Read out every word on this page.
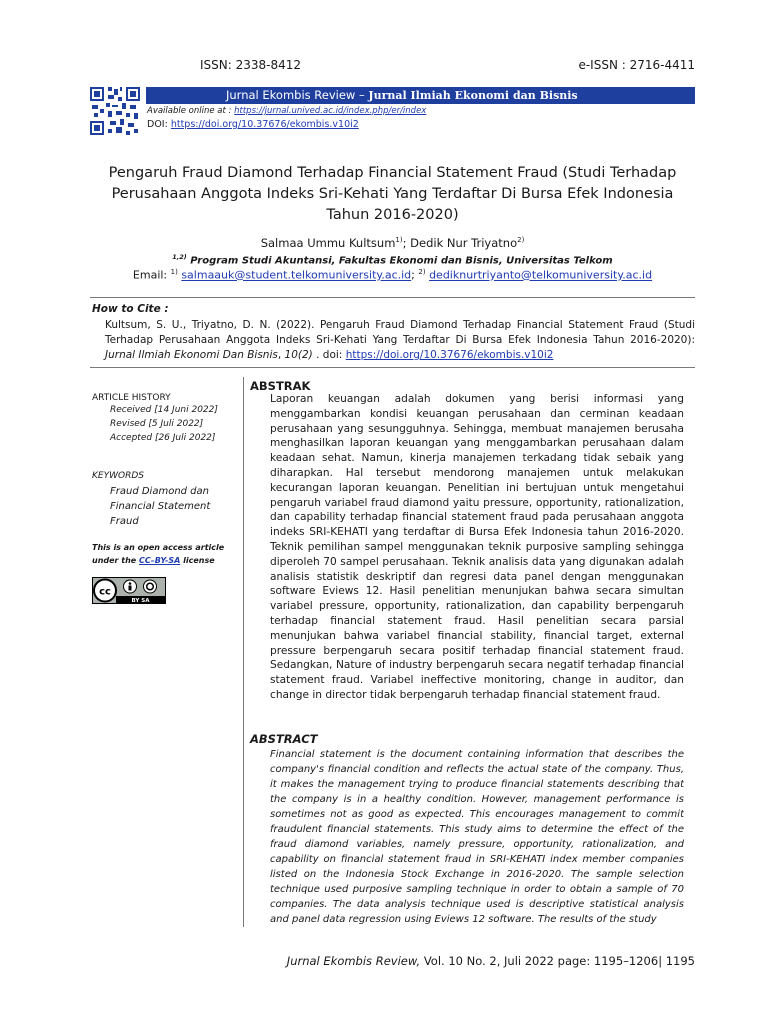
ISSN: 2338-8412	e-ISSN : 2716-4411
Jurnal Ekombis Review – Jurnal Ilmiah Ekonomi dan Bisnis
Available online at : https://jurnal.unived.ac.id/index.php/er/index
DOI: https://doi.org/10.37676/ekombis.v10i2
Pengaruh Fraud Diamond Terhadap Financial Statement Fraud (Studi Terhadap Perusahaan Anggota Indeks Sri-Kehati Yang Terdaftar Di Bursa Efek Indonesia Tahun 2016-2020)
Salmaa Ummu Kultsum$^{1)}$; Dedik Nur Triyatno$^{2)}$
$^{1,2)}$ Program Studi Akuntansi, Fakultas Ekonomi dan Bisnis, Universitas Telkom
Email: $^{1)}$ salmaauk@student.telkomuniversity.ac.id; $^{2)}$ dediknurtriyanto@telkomuniversity.ac.id
How to Cite :
Kultsum, S. U., Triyatno, D. N. (2022). Pengaruh Fraud Diamond Terhadap Financial Statement Fraud (Studi Terhadap Perusahaan Anggota Indeks Sri-Kehati Yang Terdaftar Di Bursa Efek Indonesia Tahun 2016-2020): Jurnal Ilmiah Ekonomi Dan Bisnis, 10(2) . doi: https://doi.org/10.37676/ekombis.v10i2

ARTICLE HISTORY

Received [14 Juni 2022]

Revised [5 Juli 2022]

Accepted [26 Juli 2022]

KEYWORDS

Fraud Diamond dan Financial Statement Fraud

This is an open access article under the CC–BY-SA license
cc
BY SA
ABSTRAK
Laporan keuangan adalah dokumen yang berisi informasi yang menggambarkan kondisi keuangan perusahaan dan cerminan keadaan perusahaan yang sesungguhnya. Sehingga, membuat manajemen berusaha menghasilkan laporan keuangan yang menggambarkan perusahaan dalam keadaan sehat. Namun, kinerja manajemen terkadang tidak sebaik yang diharapkan. Hal tersebut mendorong manajemen untuk melakukan kecurangan laporan keuangan. Penelitian ini bertujuan untuk mengetahui pengaruh variabel fraud diamond yaitu pressure, opportunity, rationalization, dan capability terhadap financial statement fraud pada perusahaan anggota indeks SRI-KEHATI yang terdaftar di Bursa Efek Indonesia tahun 2016-2020. Teknik pemilihan sampel menggunakan teknik purposive sampling sehingga diperoleh 70 sampel perusahaan. Teknik analisis data yang digunakan adalah analisis statistik deskriptif dan regresi data panel dengan menggunakan software Eviews 12. Hasil penelitian menunjukan bahwa secara simultan variabel pressure, opportunity, rationalization, dan capability berpengaruh terhadap financial statement fraud. Hasil penelitian secara parsial menunjukan bahwa variabel financial stability, financial target, external pressure berpengaruh secara positif terhadap financial statement fraud. Sedangkan, Nature of industry berpengaruh secara negatif terhadap financial statement fraud. Variabel ineffective monitoring, change in auditor, dan change in director tidak berpengaruh terhadap financial statement fraud.
ABSTRACT
Financial statement is the document containing information that describes the company's financial condition and reflects the actual state of the company. Thus, it makes the management trying to produce financial statements describing that the company is in a healthy condition. However, management performance is sometimes not as good as expected. This encourages management to commit fraudulent financial statements. This study aims to determine the effect of the fraud diamond variables, namely pressure, opportunity, rationalization, and capability on financial statement fraud in SRI-KEHATI index member companies listed on the Indonesia Stock Exchange in 2016-2020. The sample selection technique used purposive sampling technique in order to obtain a sample of 70 companies. The data analysis technique used is descriptive statistical analysis and panel data regression using Eviews 12 software. The results of the study
Jurnal Ekombis Review, Vol. 10 No. 2, Juli 2022 page: 1195–1206| 1195
